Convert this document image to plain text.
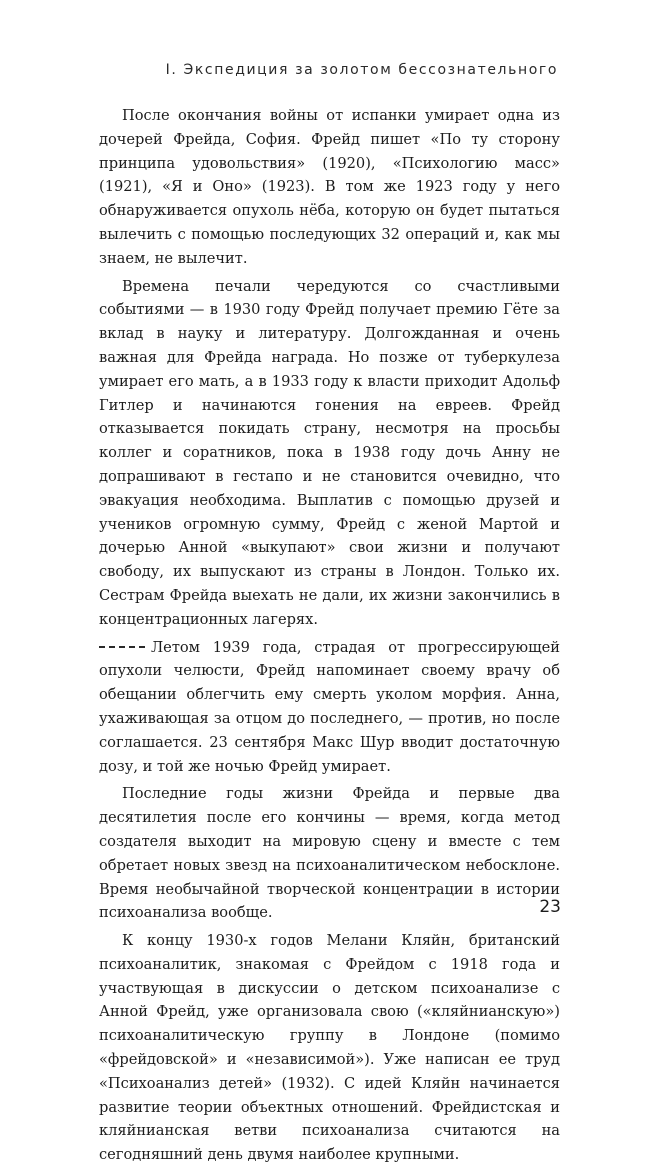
I. Экспедиция за золотом бессознательного

После окончания войны от испанки умирает одна из дочерей Фрейда, София. Фрейд пишет «По ту сторону принципа удовольствия» (1920), «Психологию масс» (1921), «Я и Оно» (1923). В том же 1923 году у него обнаруживается опухоль нёба, которую он будет пытаться вылечить с помощью последующих 32 операций и, как мы знаем, не вылечит.

Времена печали чередуются со счастливыми событиями — в 1930 году Фрейд получает премию Гёте за вклад в науку и литературу. Долгожданная и очень важная для Фрейда награда. Но позже от туберкулеза умирает его мать, а в 1933 году к власти приходит Адольф Гитлер и начинаются гонения на евреев. Фрейд отказывается покидать страну, несмотря на просьбы коллег и соратников, пока в 1938 году дочь Анну не допрашивают в гестапо и не становится очевидно, что эвакуация необходима. Выплатив с помощью друзей и учеников огромную сумму, Фрейд с женой Мартой и дочерью Анной «выкупают» свои жизни и получают свободу, их выпускают из страны в Лондон. Только их. Сестрам Фрейда выехать не дали, их жизни закончились в концентрационных лагерях.

Летом 1939 года, страдая от прогрессирующей опухоли челюсти, Фрейд напоминает своему врачу об обещании облегчить ему смерть уколом морфия. Анна, ухаживающая за отцом до последнего, — против, но после соглашается. 23 сентября Макс Шур вводит достаточную дозу, и той же ночью Фрейд умирает.

Последние годы жизни Фрейда и первые два десятилетия после его кончины — время, когда метод создателя выходит на мировую сцену и вместе с тем обретает новых звезд на психоаналитическом небосклоне. Время необычайной творческой концентрации в истории психоанализа вообще.

К концу 1930-х годов Мелани Кляйн, британский психоаналитик, знакомая с Фрейдом с 1918 года и участвующая в дискуссии о детском психоанализе с Анной Фрейд, уже организовала свою («кляйнианскую») психоаналитическую группу в Лондоне (помимо «фрейдовской» и «независимой»). Уже написан ее труд «Психоанализ детей» (1932). С идей Кляйн начинается развитие теории объектных отношений. Фрейдистская и кляйнианская ветви психоанализа считаются на сегодняшний день двумя наиболее крупными.

23
